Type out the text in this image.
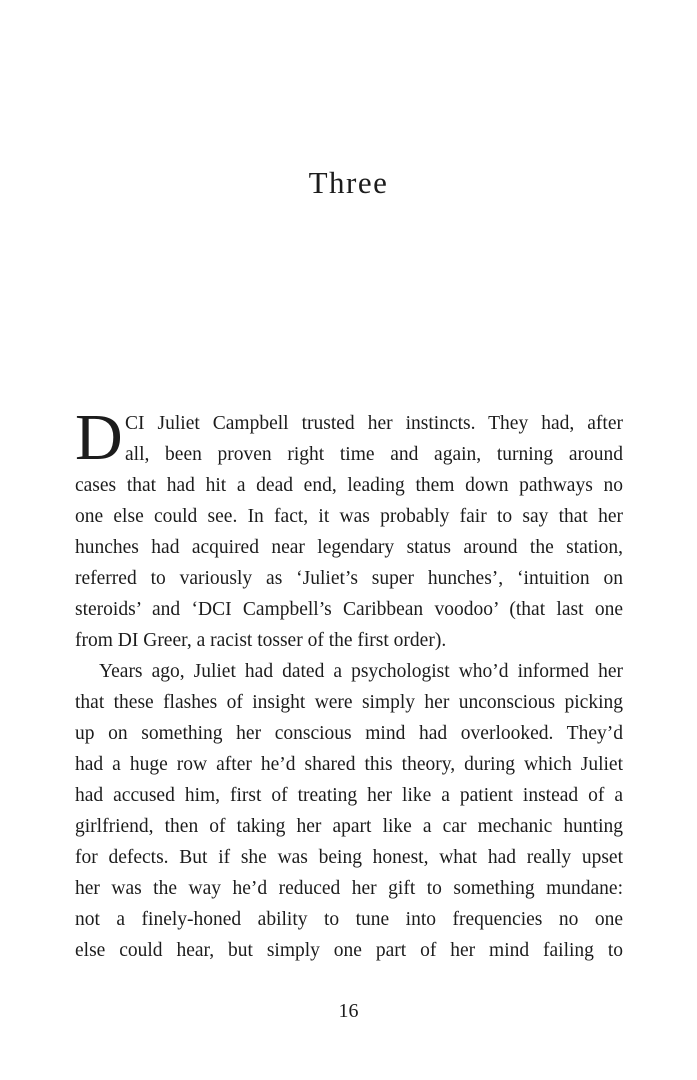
Three
D CI Juliet Campbell trusted her instincts. They had, after
all, been proven right time and again, turning around
cases that had hit a dead end, leading them down pathways no
one else could see. In fact, it was probably fair to say that her
hunches had acquired near legendary status around the station,
referred to variously as ‘Juliet’s super hunches’, ‘intuition on
steroids’ and ‘DCI Campbell’s Caribbean voodoo’ (that last one
from DI Greer, a racist tosser of the first order).
Years ago, Juliet had dated a psychologist who’d informed her
that these flashes of insight were simply her unconscious picking
up on something her conscious mind had overlooked. They’d
had a huge row after he’d shared this theory, during which Juliet
had accused him, first of treating her like a patient instead of a
girlfriend, then of taking her apart like a car mechanic hunting
for defects. But if she was being honest, what had really upset
her was the way he’d reduced her gift to something mundane:
not a finely-honed ability to tune into frequencies no one
else could hear, but simply one part of her mind failing to
16
